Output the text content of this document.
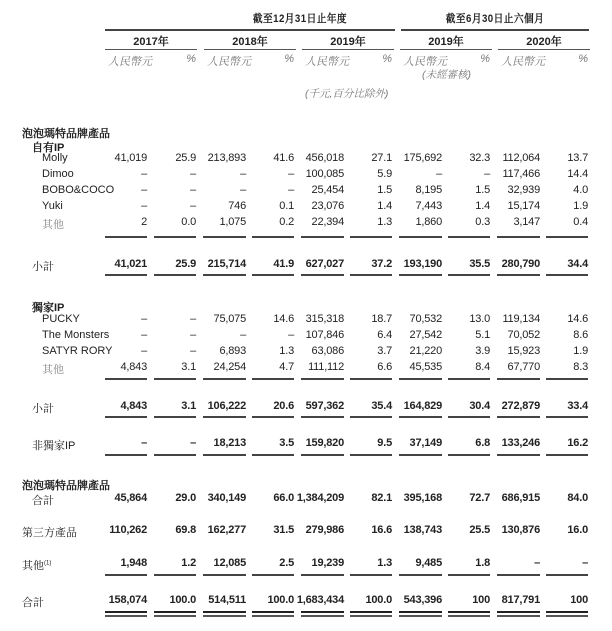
截至12月31日止年度	截至6月30日止六個月
2017年	2018年	2019年	2019年	2020年
人民幣元	% 人民幣元	% 人民幣元	% 人民幣元	% 人民幣元	%
(未經審核)
(千元,百分比除外)
泡泡瑪特品牌產品
自有IP
獨家IP
Molly	41,019	25.9	213,893	41.6	456,018	27.1	175,692	32.3	112,064	13.7
Dimoo	–	–	–	–	100,085	5.9	–	–	117,466	14.4
BOBO&COCO	–	–	–	–	25,454	1.5	8,195	1.5	32,939	4.0
Yuki	–	–	746	0.1	23,076	1.4	7,443	1.4	15,174	1.9
其他	2	0.0	1,075	0.2	22,394	1.3	1,860	0.3	3,147	0.4
小計	41,021	25.9	215,714	41.9	627,027	37.2	193,190	35.5	280,790	34.4
PUCKY	–	–	75,075	14.6	315,318	18.7	70,532	13.0	119,134	14.6
The Monsters	–	–	–	–	107,846	6.4	27,542	5.1	70,052	8.6
SATYR RORY	–	–	6,893	1.3	63,086	3.7	21,220	3.9	15,923	1.9
其他	4,843	3.1	24,254	4.7	111,112	6.6	45,535	8.4	67,770	8.3
小計	4,843	3.1	106,222	20.6	597,362	35.4	164,829	30.4	272,879	33.4
非獨家IP	–	–	18,213	3.5	159,820	9.5	37,149	6.8	133,246	16.2
泡泡瑪特品牌產品
合計	45,864	29.0	340,149	66.0 1,384,209	82.1	395,168	72.7	686,915	84.0
第三方產品	110,262	69.8	162,277	31.5	279,986	16.6	138,743	25.5	130,876	16.0
其他$^{(1)}$	1,948	1.2	12,085	2.5	19,239	1.3	9,485	1.8	–	–
合計	158,074	100.0	514,511	100.0 1,683,434	100.0	543,396	100	817,791	100
